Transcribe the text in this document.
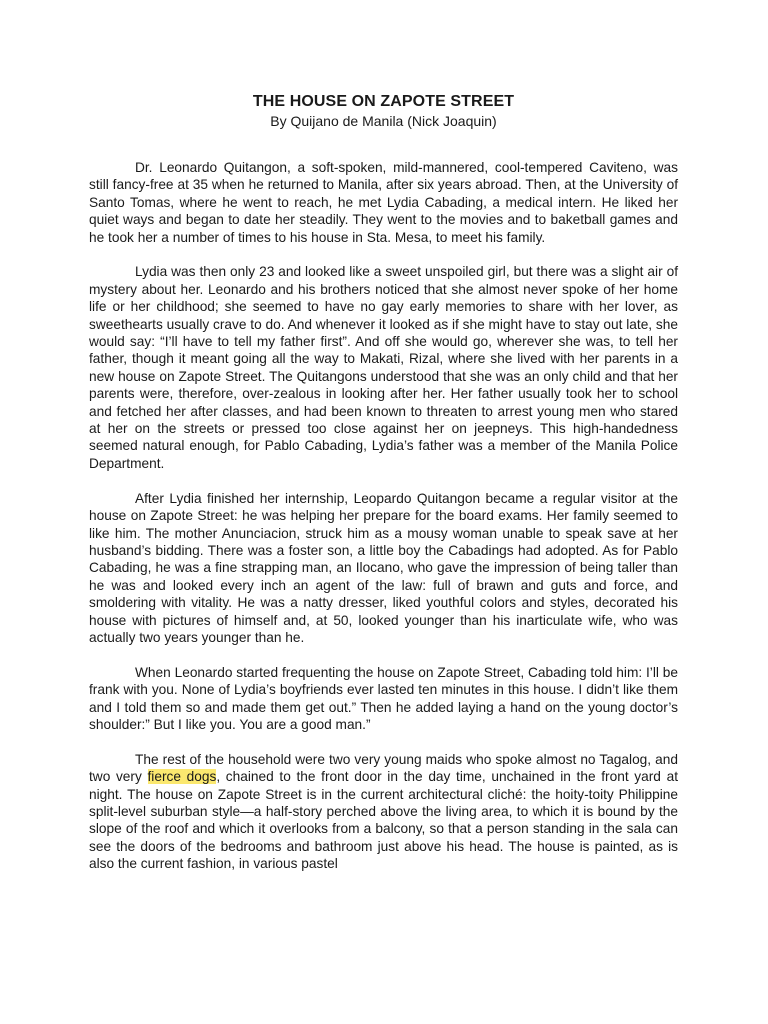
THE HOUSE ON ZAPOTE STREET

By Quijano de Manila (Nick Joaquin)

Dr. Leonardo Quitangon, a soft-spoken, mild-mannered, cool-tempered Caviteno, was still fancy-free at 35 when he returned to Manila, after six years abroad. Then, at the University of Santo Tomas, where he went to reach, he met Lydia Cabading, a medical intern. He liked her quiet ways and began to date her steadily. They went to the movies and to baketball games and he took her a number of times to his house in Sta. Mesa, to meet his family.

Lydia was then only 23 and looked like a sweet unspoiled girl, but there was a slight air of mystery about her. Leonardo and his brothers noticed that she almost never spoke of her home life or her childhood; she seemed to have no gay early memories to share with her lover, as sweethearts usually crave to do. And whenever it looked as if she might have to stay out late, she would say: “I’ll have to tell my father first”. And off she would go, wherever she was, to tell her father, though it meant going all the way to Makati, Rizal, where she lived with her parents in a new house on Zapote Street. The Quitangons understood that she was an only child and that her parents were, therefore, over-zealous in looking after her. Her father usually took her to school and fetched her after classes, and had been known to threaten to arrest young men who stared at her on the streets or pressed too close against her on jeepneys. This high-handedness seemed natural enough, for Pablo Cabading, Lydia’s father was a member of the Manila Police Department.

After Lydia finished her internship, Leopardo Quitangon became a regular visitor at the house on Zapote Street: he was helping her prepare for the board exams. Her family seemed to like him. The mother Anunciacion, struck him as a mousy woman unable to speak save at her husband’s bidding. There was a foster son, a little boy the Cabadings had adopted. As for Pablo Cabading, he was a fine strapping man, an Ilocano, who gave the impression of being taller than he was and looked every inch an agent of the law: full of brawn and guts and force, and smoldering with vitality. He was a natty dresser, liked youthful colors and styles, decorated his house with pictures of himself and, at 50, looked younger than his inarticulate wife, who was actually two years younger than he.

When Leonardo started frequenting the house on Zapote Street, Cabading told him: I’ll be frank with you. None of Lydia’s boyfriends ever lasted ten minutes in this house. I didn’t like them and I told them so and made them get out.” Then he added laying a hand on the young doctor’s shoulder:” But I like you. You are a good man.”

The rest of the household were two very young maids who spoke almost no Tagalog, and two very fierce dogs, chained to the front door in the day time, unchained in the front yard at night. The house on Zapote Street is in the current architectural cliché: the hoity-toity Philippine split-level suburban style—a half-story perched above the living area, to which it is bound by the slope of the roof and which it overlooks from a balcony, so that a person standing in the sala can see the doors of the bedrooms and bathroom just above his head. The house is painted, as is also the current fashion, in various pastel
